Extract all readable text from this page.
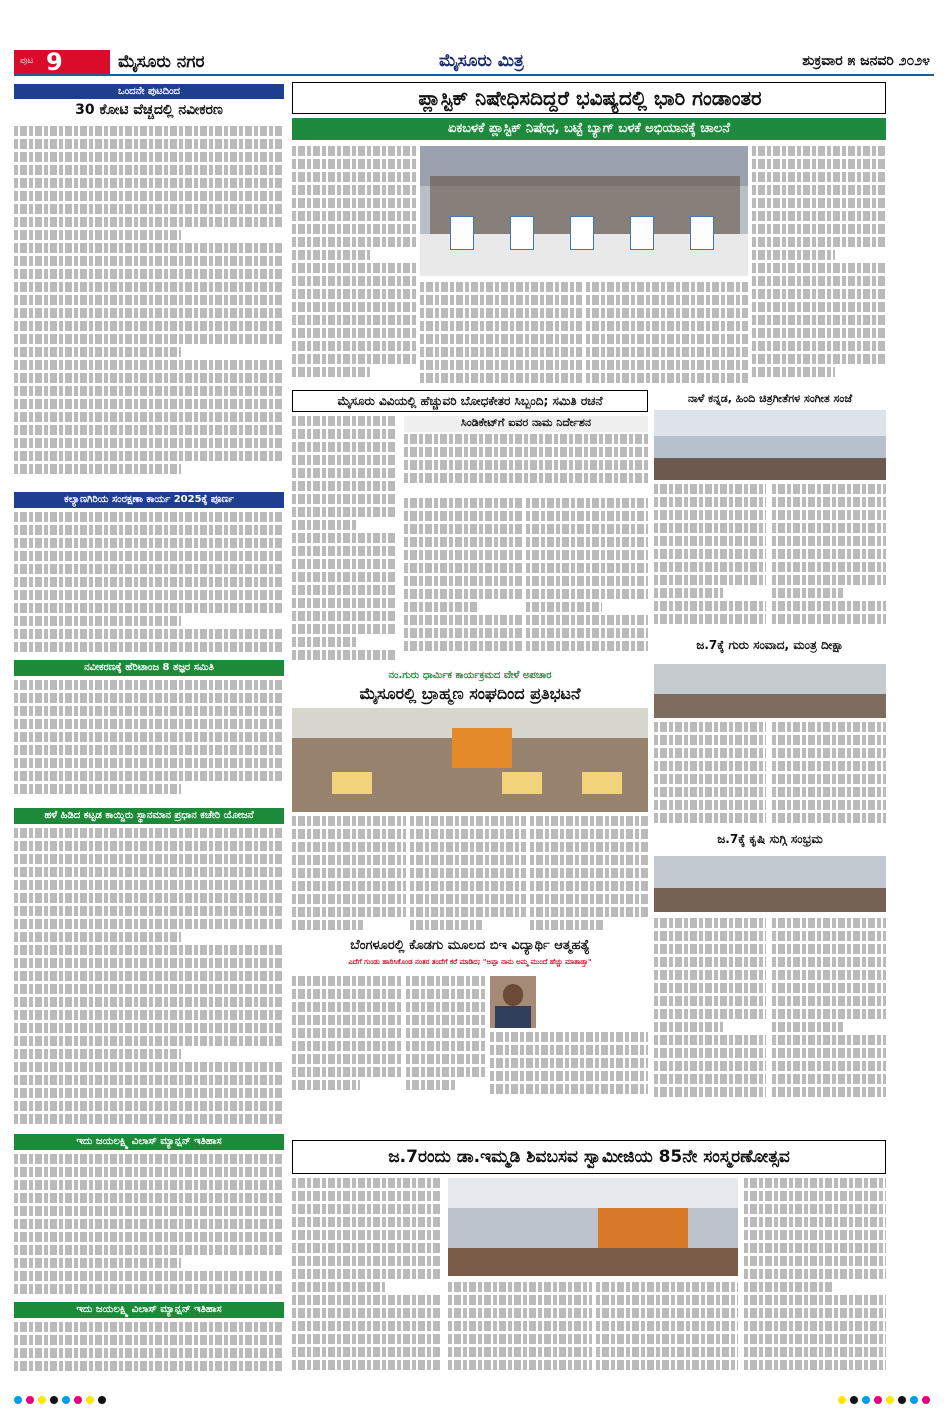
ಪುಟ 9	ಮೈಸೂರು ನಗರ	ಮೈಸೂರು ಮಿತ್ರ	ಶುಕ್ರವಾರ ೫ ಜನವರಿ ೨೦೨೪
ಒಂದನೇ ಪುಟದಿಂದ
30 ಕೋಟಿ ವೆಚ್ಚದಲ್ಲಿ ನವೀಕರಣ
ಕಲ್ಯಾಣಗಿರಿಯ ಸಂರಕ್ಷಣಾ ಕಾರ್ಯ 2025ಕ್ಕೆ ಪೂರ್ಣ
ನವೀಕರಣಕ್ಕೆ ಹೆರಿಟಾಂಜ 8 ತಜ್ಞರ ಸಮಿತಿ
ಹಳೆ ಹಿಡಿದ ಕಟ್ಟಡ ಕಾಯ್ದಿರು ಸ್ಥಾನಮಾನ ಪ್ರಧಾನ ಕಚೇರಿ ಯೋಜನೆ
ಇದು ಜಯಲಕ್ಷ್ಮಿ ವಿಲಾಸ್ ಮ್ಯಾನ್ಷನ್ ಇತಿಹಾಸ
ಇದು ಜಯಲಕ್ಷ್ಮಿ ವಿಲಾಸ್ ಮ್ಯಾನ್ಷನ್ ಇತಿಹಾಸ
ಪ್ಲಾಸ್ಟಿಕ್ ನಿಷೇಧಿಸದಿದ್ದರೆ ಭವಿಷ್ಯದಲ್ಲಿ ಭಾರಿ ಗಂಡಾಂತರ
ಏಕಬಳಕೆ ಪ್ಲಾಸ್ಟಿಕ್ ನಿಷೇಧ, ಬಟ್ಟೆ ಬ್ಯಾಗ್ ಬಳಕೆ ಅಭಿಯಾನಕ್ಕೆ ಚಾಲನೆ
ಮೈಸೂರು ವಿವಿಯಲ್ಲಿ ಹೆಚ್ಚುವರಿ ಬೋಧಕೇತರ ಸಿಬ್ಬಂದಿ; ಸಮಿತಿ ರಚನೆ
ಸಿಂಡಿಕೇಟ್‌ಗೆ ಐವರ ನಾಮ ನಿರ್ದೇಶನ
ನಂ.ಗುರು ಧಾರ್ಮಿಕ ಕಾರ್ಯಕ್ರಮದ ವೇಳೆ ಅಪಚಾರ
ಮೈಸೂರಲ್ಲಿ ಬ್ರಾಹ್ಮಣ ಸಂಘದಿಂದ ಪ್ರತಿಭಟನೆ
ಬೆಂಗಳೂರಲ್ಲಿ ಕೊಡಗು ಮೂಲದ ಬಿಇ ವಿದ್ಯಾರ್ಥಿ ಆತ್ಮಹತ್ಯೆ
ಎದೆಗೆ ಗುಂಡು ಹಾರಿಸಿಕೊಂಡ ನಂತರ ತಂದೆಗೆ ಕರೆ ಮಾಡಿದ; "ಅಪ್ಪಾ ನಾನು ಅಮ್ಮ ಮುಂದೆ ಹೆಚ್ಚು ಮಾತಾಡ್ತಾ"
ನಾಳೆ ಕನ್ನಡ, ಹಿಂದಿ ಚಿತ್ರಗೀತೆಗಳ ಸಂಗೀತ ಸಂಜೆ
ಜ.7ಕ್ಕೆ ಗುರು ಸಂವಾದ, ಮಂತ್ರ ದೀಕ್ಷಾ
ಜ.7ಕ್ಕೆ ಕೃಷಿ ಸುಗ್ಗಿ ಸಂಭ್ರಮ
ಜ.7ರಂದು ಡಾ.ಇಮ್ಮಡಿ ಶಿವಬಸವ ಸ್ವಾಮೀಜಿಯ 85ನೇ ಸಂಸ್ಮರಣೋತ್ಸವ
